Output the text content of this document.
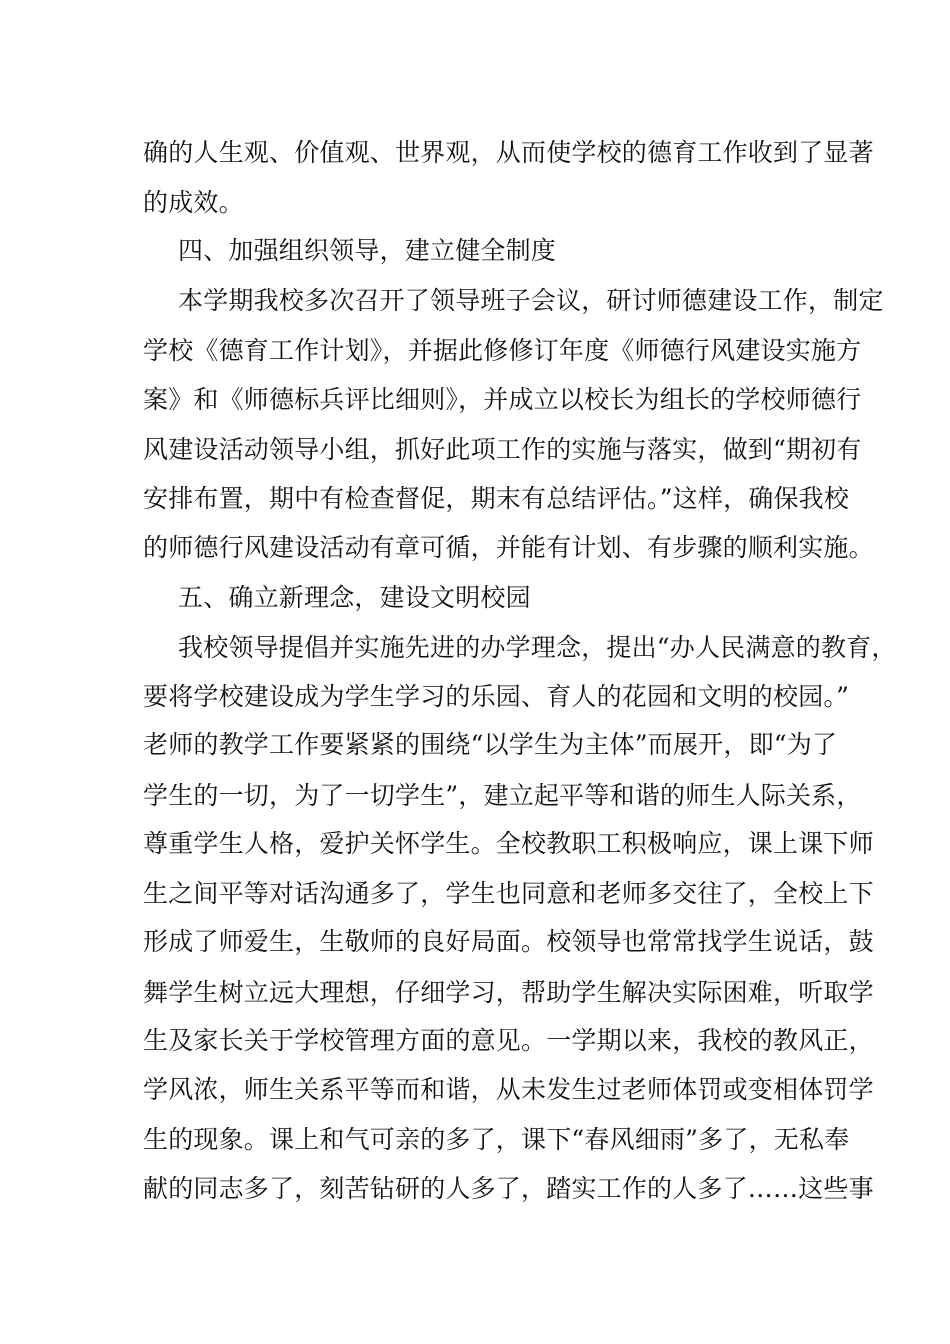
确的人生观、价值观、世界观，从而使学校的德育工作收到了显著
的成效。
四、加强组织领导，建立健全制度
本学期我校多次召开了领导班子会议，研讨师德建设工作，制定
学校《德育工作计划》，并据此修修订年度《师德行风建设实施方
案》和《师德标兵评比细则》，并成立以校长为组长的学校师德行
风建设活动领导小组，抓好此项工作的实施与落实，做到“期初有
安排布置，期中有检查督促，期末有总结评估。”这样，确保我校
的师德行风建设活动有章可循，并能有计划、有步骤的顺利实施。
五、确立新理念，建设文明校园
我校领导提倡并实施先进的办学理念，提出“办人民满意的教育，
要将学校建设成为学生学习的乐园、育人的花园和文明的校园。”
老师的教学工作要紧紧的围绕“以学生为主体”而展开，即“为了
学生的一切，为了一切学生”，建立起平等和谐的师生人际关系，
尊重学生人格，爱护关怀学生。全校教职工积极响应，课上课下师
生之间平等对话沟通多了，学生也同意和老师多交往了，全校上下
形成了师爱生，生敬师的良好局面。校领导也常常找学生说话，鼓
舞学生树立远大理想，仔细学习，帮助学生解决实际困难，听取学
生及家长关于学校管理方面的意见。一学期以来，我校的教风正，
学风浓，师生关系平等而和谐，从未发生过老师体罚或变相体罚学
生的现象。课上和气可亲的多了，课下“春风细雨”多了，无私奉
献的同志多了，刻苦钻研的人多了，踏实工作的人多了……这些事
